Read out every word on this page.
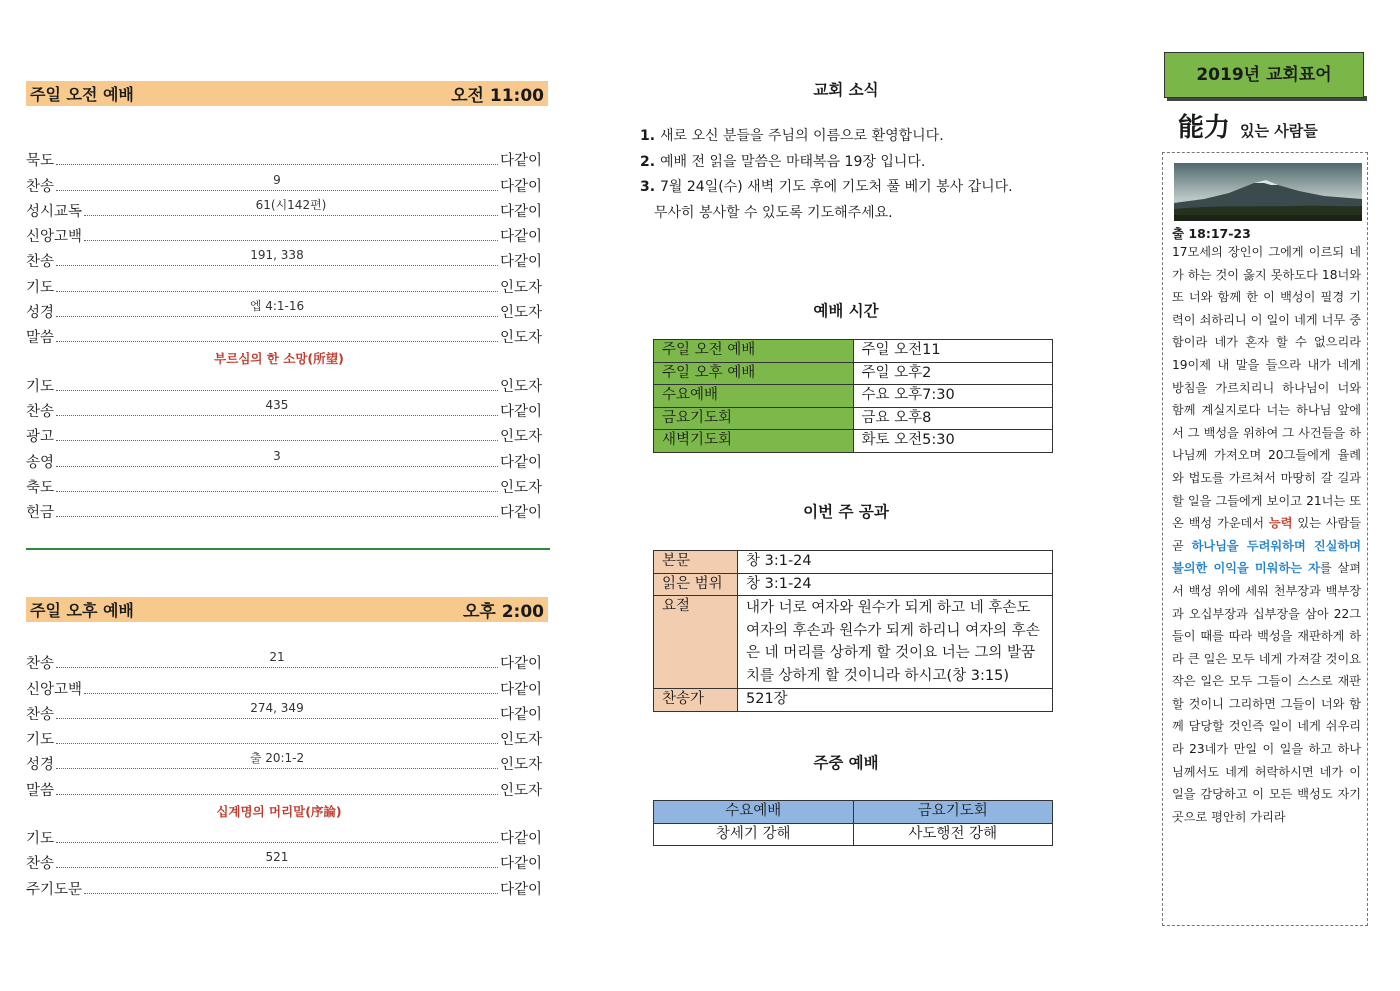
주일 오전 예배	오전 11:00
묵도	다같이
찬송	9	다같이
성시교독	61(시142편)	다같이
신앙고백	다같이
찬송	191, 338	다같이
기도	인도자
성경	엡 4:1-16	인도자
말씀	인도자
부르심의 한 소망(所望)
기도	인도자
찬송	435	다같이
광고	인도자
송영	3	다같이
축도	인도자
헌금	다같이
주일 오후 예배	오후 2:00
찬송	21	다같이
신앙고백	다같이
찬송	274, 349	다같이
기도	인도자
성경	출 20:1-2	인도자
말씀	인도자
십계명의 머리말(序論)
기도	다같이
찬송	521	다같이
주기도문	다같이
교회 소식
1. 새로 오신 분들을 주님의 이름으로 환영합니다.
2. 예배 전 읽을 말씀은 마태복음 19장 입니다.
3. 7월 24일(수) 새벽 기도 후에 기도처 풀 베기 봉사 갑니다.
무사히 봉사할 수 있도록 기도해주세요.
예배 시간
주일 오전 예배	주일 오전11
주일 오후 예배	주일 오후2
수요예배	수요 오후7:30
금요기도회	금요 오후8
새벽기도회	화토 오전5:30
이번 주 공과
본문	창 3:1-24
읽은 범위	창 3:1-24
요절	내가 너로 여자와 원수가 되게 하고 네 후손도 여자의 후손과 원수가 되게 하리니 여자의 후손은 네 머리를 상하게 할 것이요 너는 그의 발꿈치를 상하게 할 것이니라 하시고(창 3:15)
찬송가	521장
주중 예배
수요예배	금요기도회
창세기 강해	사도행전 강해
2019년 교회표어
能力 있는 사람들
출 18:17-23
17모세의 장인이 그에게 이르되 네가 하는 것이 옳지 못하도다 18너와 또 너와 함께 한 이 백성이 필경 기력이 쇠하리니 이 일이 네게 너무 중함이라 네가 혼자 할 수 없으리라 19이제 내 말을 들으라 내가 네게 방침을 가르치리니 하나님이 너와 함께 계실지로다 너는 하나님 앞에서 그 백성을 위하여 그 사건들을 하나님께 가져오며 20그들에게 율례와 법도를 가르쳐서 마땅히 갈 길과 할 일을 그들에게 보이고 21너는 또 온 백성 가운데서 능력 있는 사람들 곧 하나님을 두려워하며 진실하며 불의한 이익을 미워하는 자를 살펴서 백성 위에 세워 천부장과 백부장과 오십부장과 십부장을 삼아 22그들이 때를 따라 백성을 재판하게 하라 큰 일은 모두 네게 가져갈 것이요 작은 일은 모두 그들이 스스로 재판할 것이니 그리하면 그들이 너와 함께 담당할 것인즉 일이 네게 쉬우리라 23네가 만일 이 일을 하고 하나님께서도 네게 허락하시면 네가 이 일을 감당하고 이 모든 백성도 자기 곳으로 평안히 가리라
